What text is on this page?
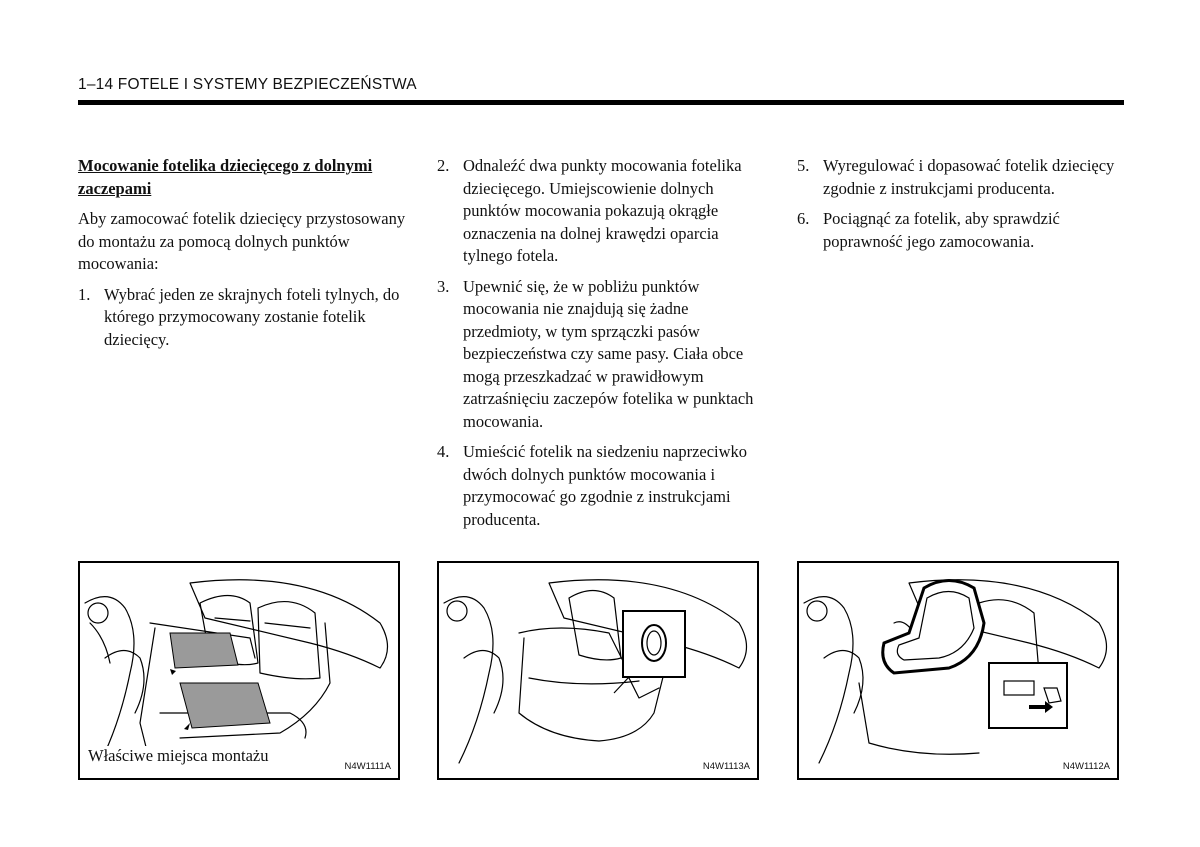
1–14 FOTELE I SYSTEMY BEZPIECZEŃSTWA
Mocowanie fotelika dziecięcego z dolnymi zaczepami
Aby zamocować fotelik dziecięcy przystosowany do montażu za pomocą dolnych punktów mocowania:
1. Wybrać jeden ze skrajnych foteli tylnych, do którego przymocowany zostanie fotelik dziecięcy.
2. Odnaleźć dwa punkty mocowania fotelika dziecięcego. Umiejscowienie dolnych punktów mocowania pokazują okrągłe oznaczenia na dolnej krawędzi oparcia tylnego fotela.
3. Upewnić się, że w pobliżu punktów mocowania nie znajdują się żadne przedmioty, w tym sprzączki pasów bezpieczeństwa czy same pasy. Ciała obce mogą przeszkadzać w prawidłowym zatrzaśnięciu zaczepów fotelika w punktach mocowania.
4. Umieścić fotelik na siedzeniu naprzeciwko dwóch dolnych punktów mocowania i przymocować go zgodnie z instrukcjami producenta.
5. Wyregulować i dopasować fotelik dziecięcy zgodnie z instrukcjami producenta.
6. Pociągnąć za fotelik, aby sprawdzić poprawność jego zamocowania.
Właściwe miejsca montażu
N4W1111A	N4W1113A	N4W1112A
